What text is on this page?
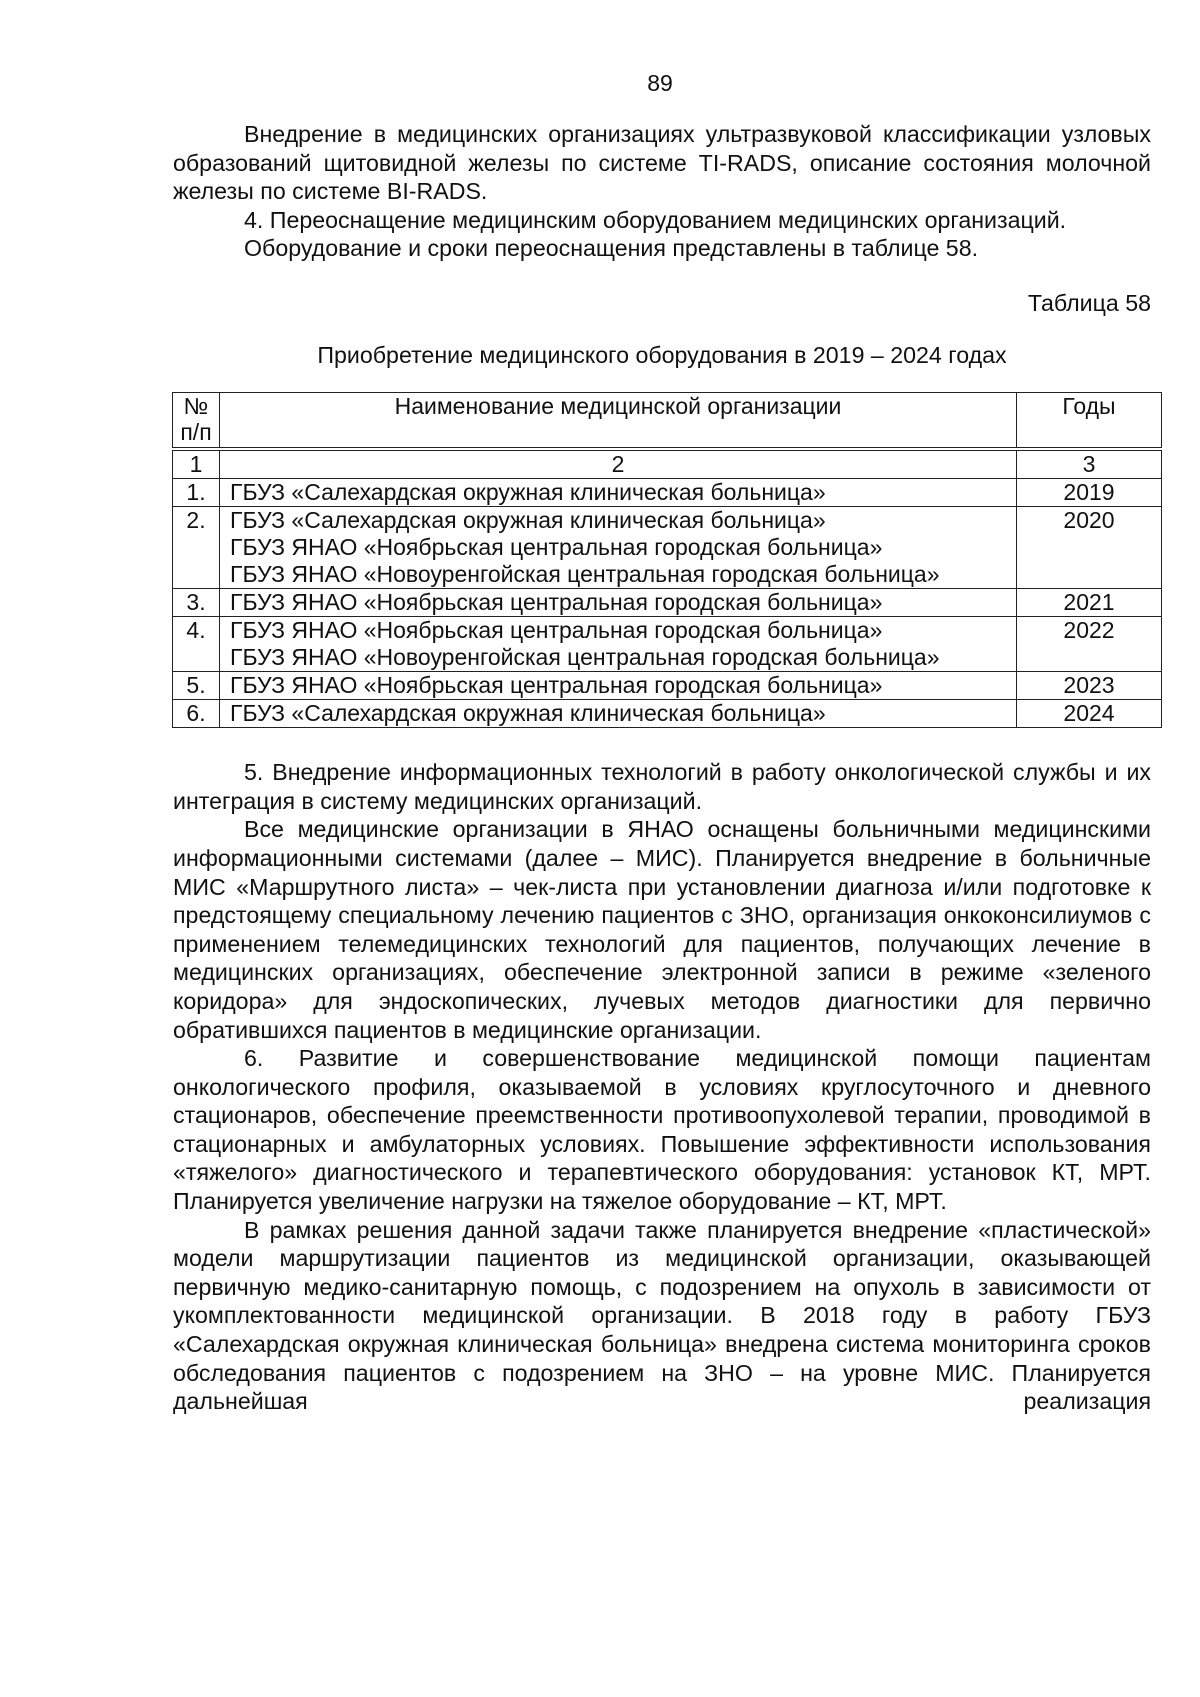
89

Внедрение в медицинских организациях ультразвуковой классификации узловых образований щитовидной железы по системе TI-RADS, описание состояния молочной железы по системе BI-RADS.

4. Переоснащение медицинским оборудованием медицинских организаций.

Оборудование и сроки переоснащения представлены в таблице 58.

Таблица 58

Приобретение медицинского оборудования в 2019 – 2024 годах

№ п/п	Наименование медицинской организации	Годы
1	2	3
1.	ГБУЗ «Салехардская окружная клиническая больница»	2019
2.	ГБУЗ «Салехардская окружная клиническая больница»
ГБУЗ ЯНАО «Ноябрьская центральная городская больница»
ГБУЗ ЯНАО «Новоуренгойская центральная городская больница»	2020
3.	ГБУЗ ЯНАО «Ноябрьская центральная городская больница»	2021
4.	ГБУЗ ЯНАО «Ноябрьская центральная городская больница»
ГБУЗ ЯНАО «Новоуренгойская центральная городская больница»	2022
5.	ГБУЗ ЯНАО «Ноябрьская центральная городская больница»	2023
6.	ГБУЗ «Салехардская окружная клиническая больница»	2024

5. Внедрение информационных технологий в работу онкологической службы и их интеграция в систему медицинских организаций.

Все медицинские организации в ЯНАО оснащены больничными медицинскими информационными системами (далее – МИС). Планируется внедрение в больничные МИС «Маршрутного листа» – чек-листа при установлении диагноза и/или подготовке к предстоящему специальному лечению пациентов с ЗНО, организация онкоконсилиумов с применением телемедицинских технологий для пациентов, получающих лечение в медицинских организациях, обеспечение электронной записи в режиме «зеленого коридора» для эндоскопических, лучевых методов диагностики для первично обратившихся пациентов в медицинские организации.

6. Развитие и совершенствование медицинской помощи пациентам онкологического профиля, оказываемой в условиях круглосуточного и дневного стационаров, обеспечение преемственности противоопухолевой терапии, проводимой в стационарных и амбулаторных условиях. Повышение эффективности использования «тяжелого» диагностического и терапевтического оборудования: установок КТ, МРТ. Планируется увеличение нагрузки на тяжелое оборудование – КТ, МРТ.

В рамках решения данной задачи также планируется внедрение «пластической» модели маршрутизации пациентов из медицинской организации, оказывающей первичную медико-санитарную помощь, с подозрением на опухоль в зависимости от укомплектованности медицинской организации. В 2018 году в работу ГБУЗ «Салехардская окружная клиническая больница» внедрена система мониторинга сроков обследования пациентов с подозрением на ЗНО – на уровне МИС. Планируется дальнейшая реализация
